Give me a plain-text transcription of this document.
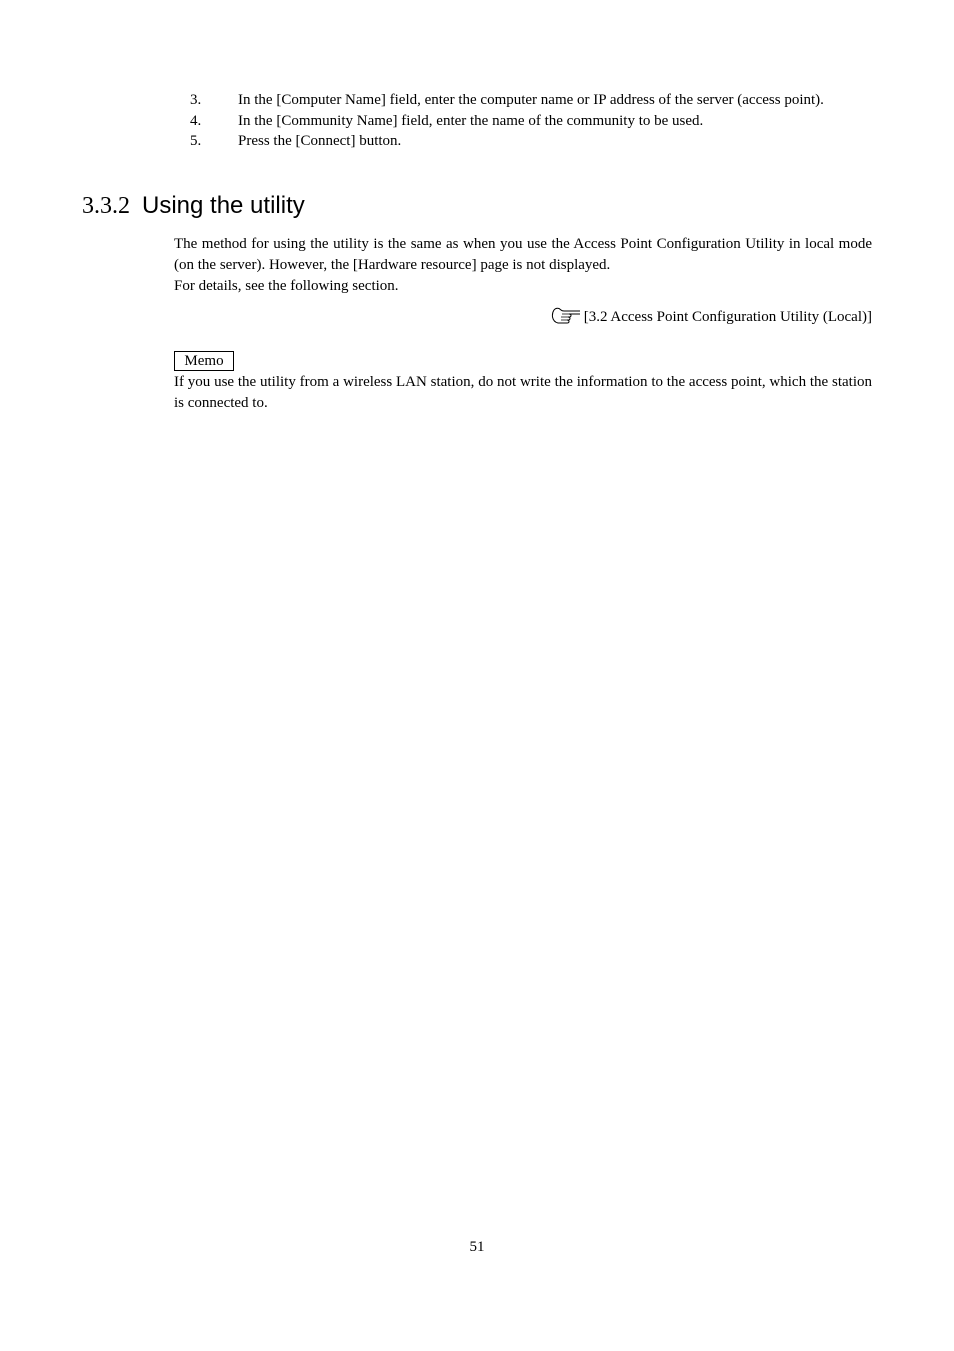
3.	In the [Computer Name] field, enter the computer name or IP address of the server (access point).
4.	In the [Community Name] field, enter the name of the community to be used.
5.	Press the [Connect] button.
3.3.2 Using the utility
The method for using the utility is the same as when you use the Access Point Configuration Utility in local mode (on the server). However, the [Hardware resource] page is not displayed.
For details, see the following section.
[3.2 Access Point Configuration Utility (Local)]
Memo
If you use the utility from a wireless LAN station, do not write the information to the access point, which the station is connected to.
51
